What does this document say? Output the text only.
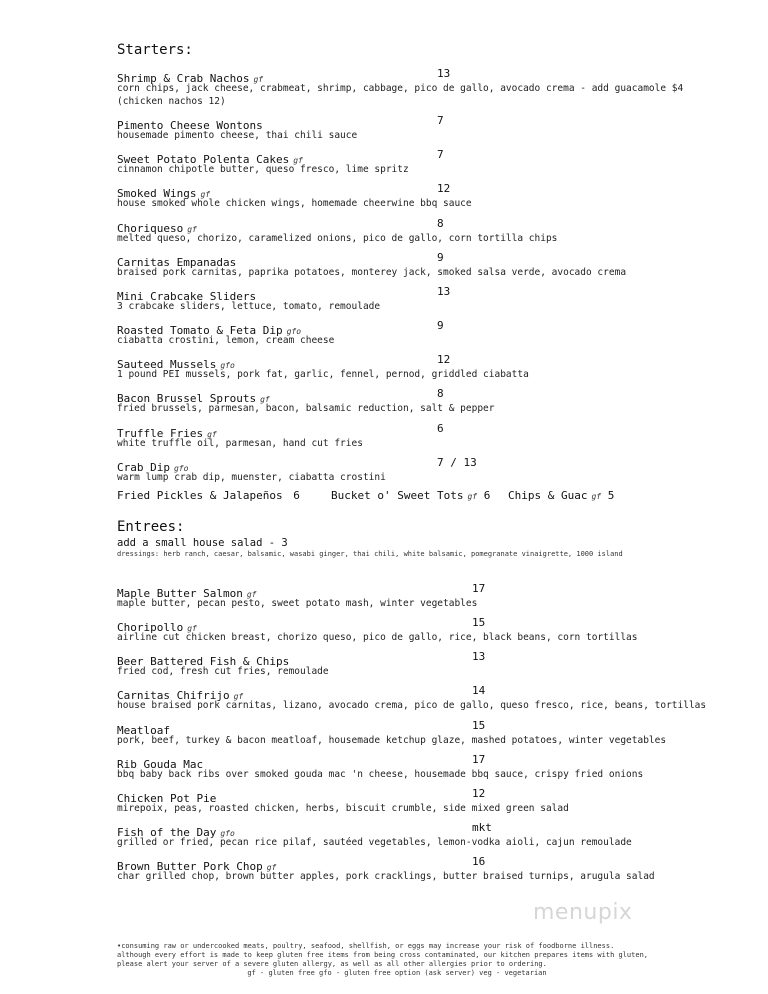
Starters:
Shrimp & Crab Nachos gf	13
corn chips, jack cheese, crabmeat, shrimp, cabbage, pico de gallo, avocado crema - add guacamole $4
(chicken nachos 12)
Pimento Cheese Wontons	7
housemade pimento cheese, thai chili sauce
Sweet Potato Polenta Cakes gf	7
cinnamon chipotle butter, queso fresco, lime spritz
Smoked Wings gf	12
house smoked whole chicken wings, homemade cheerwine bbq sauce
Choriqueso gf	8
melted queso, chorizo, caramelized onions, pico de gallo, corn tortilla chips
Carnitas Empanadas	9
braised pork carnitas, paprika potatoes, monterey jack, smoked salsa verde, avocado crema
Mini Crabcake Sliders	13
3 crabcake sliders, lettuce, tomato, remoulade
Roasted Tomato & Feta Dip gfo	9
ciabatta crostini, lemon, cream cheese
Sauteed Mussels gfo	12
1 pound PEI mussels, pork fat, garlic, fennel, pernod, griddled ciabatta
Bacon Brussel Sprouts gf	8
fried brussels, parmesan, bacon, balsamic reduction, salt & pepper
Truffle Fries gf	6
white truffle oil, parmesan, hand cut fries
Crab Dip gfo	7 / 13
warm lump crab dip, muenster, ciabatta crostini
Fried Pickles & Jalapeños 6	Bucket o' Sweet Tots gf 6 Chips & Guac gf 5
Entrees:
add a small house salad - 3
dressings: herb ranch, caesar, balsamic, wasabi ginger, thai chili, white balsamic, pomegranate vinaigrette, 1000 island
Maple Butter Salmon gf	17
maple butter, pecan pesto, sweet potato mash, winter vegetables
Choripollo gf	15
airline cut chicken breast, chorizo queso, pico de gallo, rice, black beans, corn tortillas
Beer Battered Fish & Chips	13
fried cod, fresh cut fries, remoulade
Carnitas Chifrijo gf	14
house braised pork carnitas, lizano, avocado crema, pico de gallo, queso fresco, rice, beans, tortillas
Meatloaf	15
pork, beef, turkey & bacon meatloaf, housemade ketchup glaze, mashed potatoes, winter vegetables
Rib Gouda Mac	17
bbq baby back ribs over smoked gouda mac 'n cheese, housemade bbq sauce, crispy fried onions
Chicken Pot Pie	12
mirepoix, peas, roasted chicken, herbs, biscuit crumble, side mixed green salad
Fish of the Day gfo	mkt
grilled or fried, pecan rice pilaf, sautéed vegetables, lemon-vodka aioli, cajun remoulade
Brown Butter Pork Chop gf	16
char grilled chop, brown butter apples, pork cracklings, butter braised turnips, arugula salad
menupix
•consuming raw or undercooked meats, poultry, seafood, shellfish, or eggs may increase your risk of foodborne illness.
although every effort is made to keep gluten free items from being cross contaminated, our kitchen prepares items with gluten,
please alert your server of a severe gluten allergy, as well as all other allergies prior to ordering.
gf - gluten free gfo - gluten free option (ask server) veg - vegetarian
